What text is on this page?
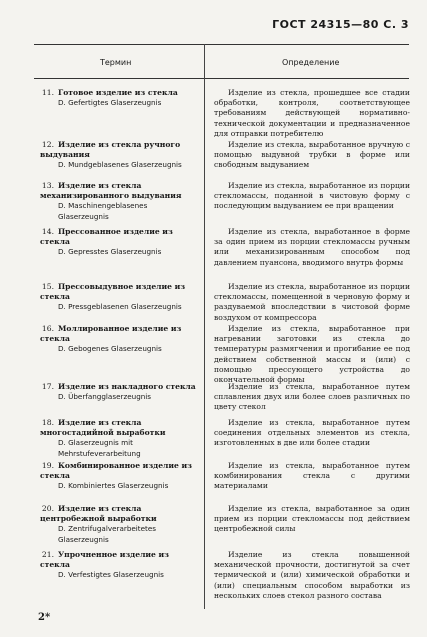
ГОСТ 24315—80 С. 3
Термин	Определение
11. Готовое изделие из стекла
D. Gefertigtes Glaserzeugnis
Изделие из стекла, прошедшее все стадии обработки, контроля, соответствующее требованиям действующей нормативно-технической документации и предназначенное для отправки потребителю
12. Изделие из стекла ручного выдувания
D. Mundgeblasenes Glaserzeugnis
Изделие из стекла, выработанное вручную с помощью выдувной трубки в форме или свободным выдуванием
13. Изделие из стекла механизированного выдувания
D. Maschinengeblasenes Glaserzeugnis
Изделие из стекла, выработанное из порции стекломассы, поданной в чистовую форму с последующим выдуванием ее при вращении
14. Прессованное изделие из стекла
D. Gepresstes Glaserzeugnis
Изделие из стекла, выработанное в форме за один прием из порции стекломассы ручным или механизированным способом под давлением пуансона, вводимого внутрь формы
15. Прессовыдувное изделие из стекла
D. Pressgeblasenen Glaserzeugnis
Изделие из стекла, выработанное из порции стекломассы, помещенной в черновую форму и раздуваемой впоследствии в чистовой форме воздухом от компрессора
16. Моллированное изделие из стекла
D. Gebogenes Glaserzeugnis
Изделие из стекла, выработанное при нагревании заготовки из стекла до температуры размягчения и прогибание ее под действием собственной массы и (или) с помощью прессующего устройства до окончательной формы
17. Изделие из накладного стекла
D. Überfangglaserzeugnis
Изделие из стекла, выработанное путем сплавления двух или более слоев различных по цвету стекол
18. Изделие из стекла многостадийной выработки
D. Glaserzeugnis mit Mehrstufeverarbeitung
Изделие из стекла, выработанное путем соединения отдельных элементов из стекла, изготовленных в две или более стадии
19. Комбинированное изделие из стекла
D. Kombiniertes Glaserzeugnis
Изделие из стекла, выработанное путем комбинирования стекла с другими материалами
20. Изделие из стекла центробежной выработки
D. Zentrifugalverarbeitetes Glaserzeugnis
Изделие из стекла, выработанное за один прием из порции стекломассы под действием центробежной силы
21. Упрочненное изделие из стекла
D. Verfestigtes Glaserzeugnis
Изделие из стекла повышенной механической прочности, достигнутой за счет термической и (или) химической обработки и (или) специальным способом выработки из нескольких слоев стекол разного состава
2*
